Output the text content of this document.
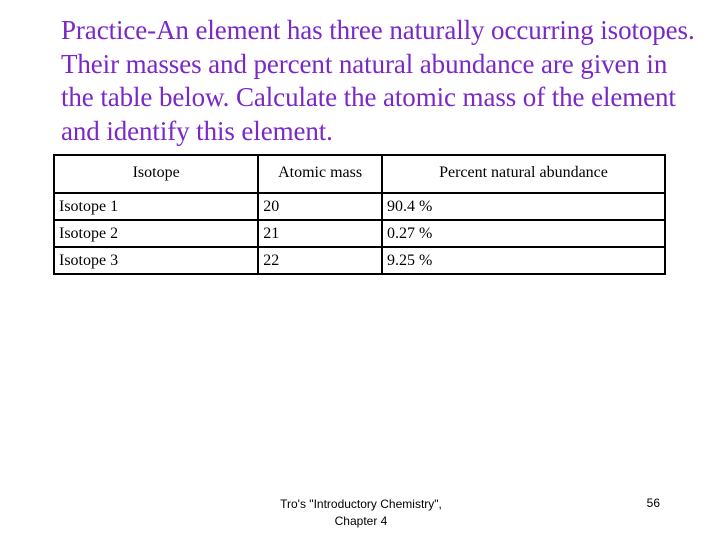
Practice-An element has three naturally occurring isotopes. Their masses and percent natural abundance are given in the table below. Calculate the atomic mass of the element and identify this element.
Isotope	Atomic mass	Percent natural abundance
Isotope 1	20	90.4 %
Isotope 2	21	0.27 %
Isotope 3	22	9.25 %
Tro's "Introductory Chemistry",
Chapter 4
56
